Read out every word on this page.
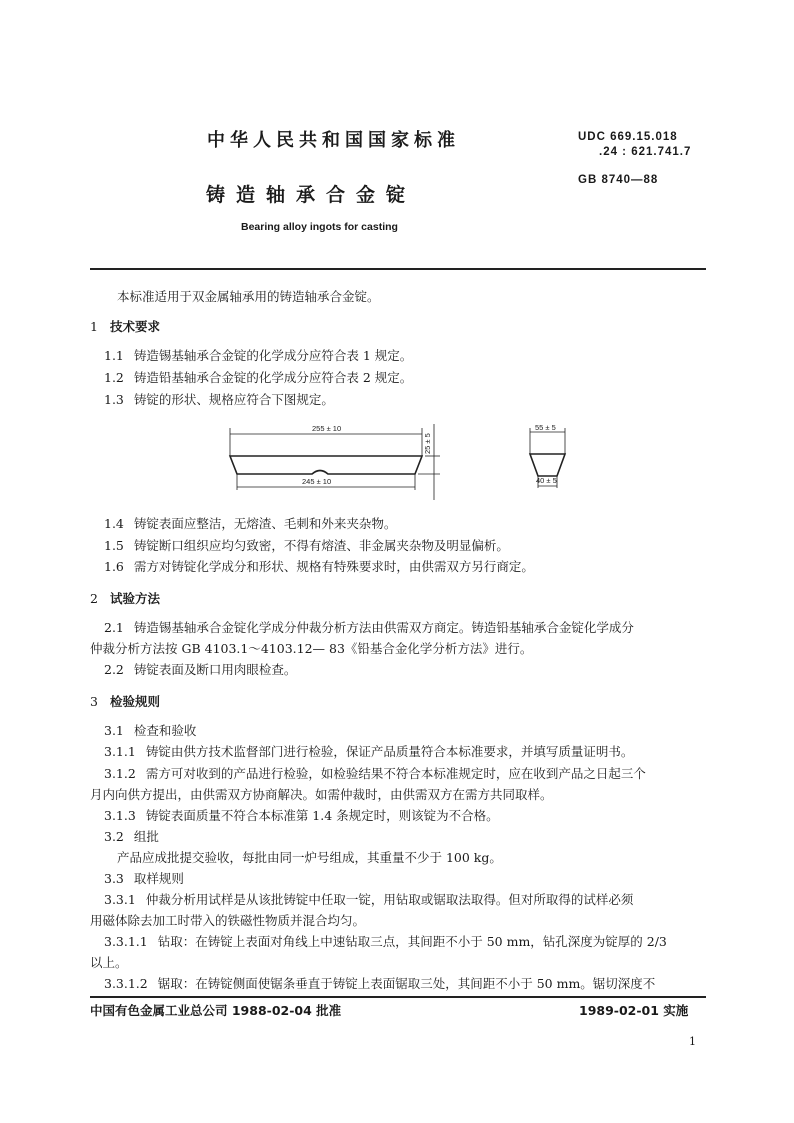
中华人民共和国国家标准	UDC 669.15.018
.24 : 621.741.7
GB 8740—88
铸造轴承合金锭
Bearing alloy ingots for casting
本标准适用于双金属轴承用的铸造轴承合金锭。
1 技术要求
1.1 铸造锡基轴承合金锭的化学成分应符合表 1 规定。
1.2 铸造铅基轴承合金锭的化学成分应符合表 2 规定。
1.3 铸锭的形状、规格应符合下图规定。
255 ± 10
25 ± 5
245 ± 10
55 ± 5
40 ± 5
1.4 铸锭表面应整洁，无熔渣、毛刺和外来夹杂物。
1.5 铸锭断口组织应均匀致密，不得有熔渣、非金属夹杂物及明显偏析。
1.6 需方对铸锭化学成分和形状、规格有特殊要求时，由供需双方另行商定。
2 试验方法
2.1 铸造锡基轴承合金锭化学成分仲裁分析方法由供需双方商定。铸造铅基轴承合金锭化学成分
仲裁分析方法按 GB 4103.1～4103.12— 83《铅基合金化学分析方法》进行。
2.2 铸锭表面及断口用肉眼检查。
3 检验规则
3.1 检查和验收
3.1.1 铸锭由供方技术监督部门进行检验，保证产品质量符合本标准要求，并填写质量证明书。
3.1.2 需方可对收到的产品进行检验，如检验结果不符合本标准规定时，应在收到产品之日起三个
月内向供方提出，由供需双方协商解决。如需仲裁时，由供需双方在需方共同取样。
3.1.3 铸锭表面质量不符合本标准第 1.4 条规定时，则该锭为不合格。
3.2 组批
产品应成批提交验收，每批由同一炉号组成，其重量不少于 100 kg。
3.3 取样规则
3.3.1 仲裁分析用试样是从该批铸锭中任取一锭，用钻取或锯取法取得。但对所取得的试样必须
用磁体除去加工时带入的铁磁性物质并混合均匀。
3.3.1.1 钻取：在铸锭上表面对角线上中速钻取三点，其间距不小于 50 mm，钻孔深度为锭厚的 2/3
以上。
3.3.1.2 锯取：在铸锭侧面使锯条垂直于铸锭上表面锯取三处，其间距不小于 50 mm。锯切深度不
中国有色金属工业总公司 1988-02-04 批准	1989-02-01 实施
1
